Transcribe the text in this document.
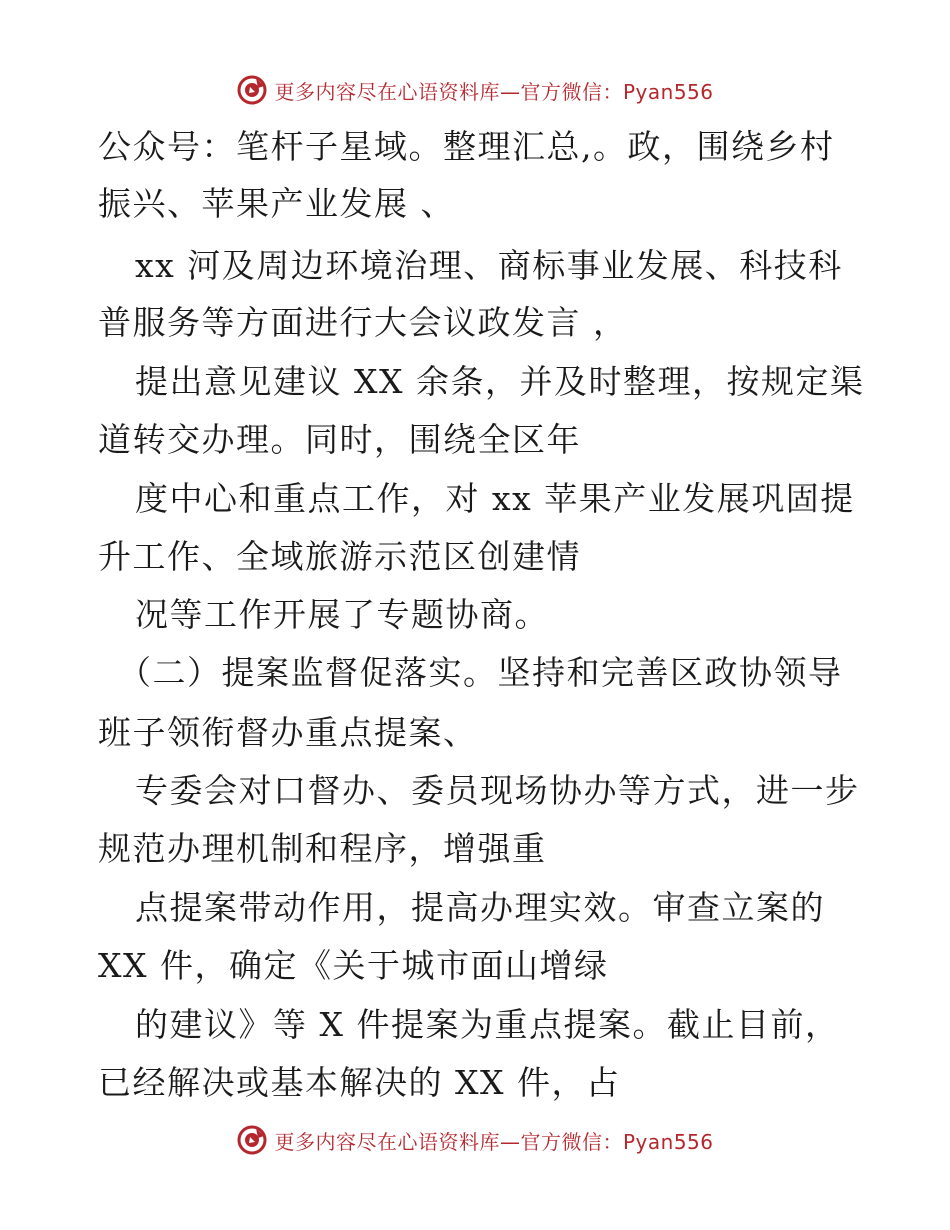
更多内容尽在心语资料库—官方微信：Pyan556
公众号：笔杆子星域。整理汇总,。政，围绕乡村
振兴、苹果产业发展 、
xx 河及周边环境治理、商标事业发展、科技科
普服务等方面进行大会议政发言 ，
提出意见建议 XX 余条，并及时整理，按规定渠
道转交办理。同时，围绕全区年
度中心和重点工作，对 xx 苹果产业发展巩固提
升工作、全域旅游示范区创建情
况等工作开展了专题协商。
（二）提案监督促落实。坚持和完善区政协领导
班子领衔督办重点提案、
专委会对口督办、委员现场协办等方式，进一步
规范办理机制和程序，增强重
点提案带动作用，提高办理实效。审查立案的
XX 件，确定《关于城市面山增绿
的建议》等 X 件提案为重点提案。截止目前，
已经解决或基本解决的 XX 件，占
更多内容尽在心语资料库—官方微信：Pyan556
